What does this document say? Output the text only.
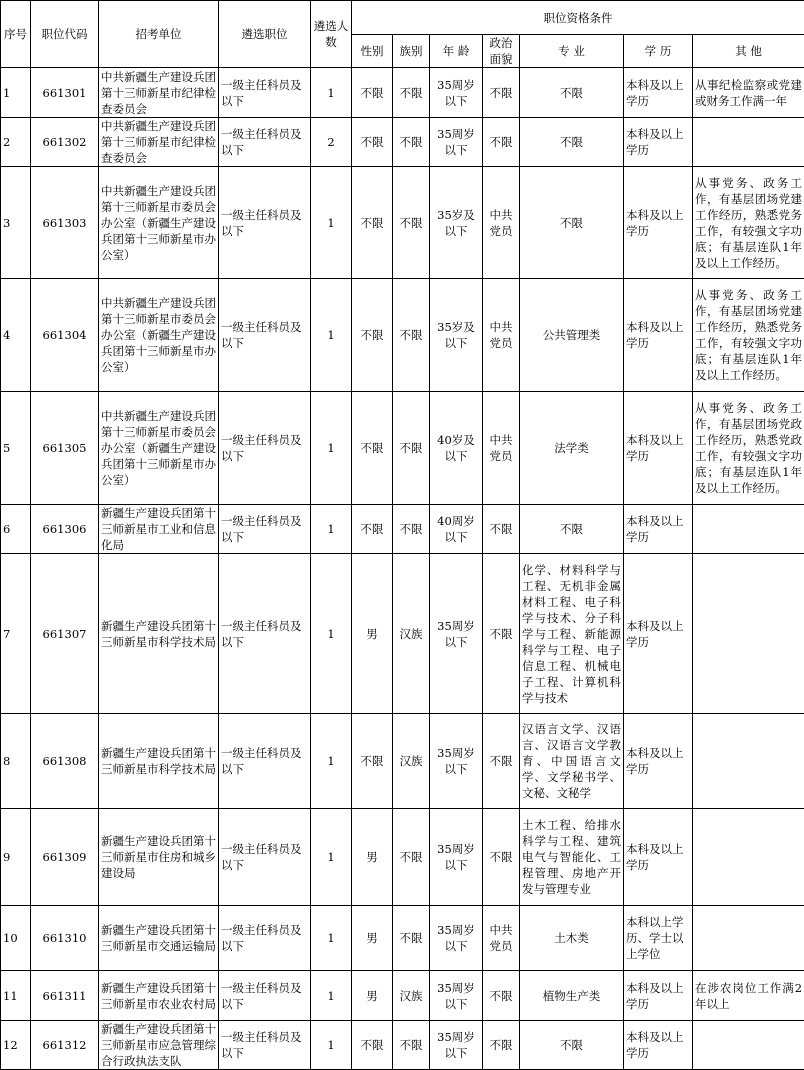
序号	职位代码	招考单位	遴选职位	遴选人数	职位资格条件						
					性别	族别	年 龄	政治面貌	专 业	学 历	其 他
1	661301	中共新疆生产建设兵团第十三师新星市纪律检查委员会	一级主任科员及以下	1	不限	不限	35周岁以下	不限	不限	本科及以上学历	从事纪检监察或党建或财务工作满一年
2	661302	中共新疆生产建设兵团第十三师新星市纪律检查委员会	一级主任科员及以下	2	不限	不限	35周岁以下	不限	不限	本科及以上学历	
3	661303	中共新疆生产建设兵团第十三师新星市委员会办公室（新疆生产建设兵团第十三师新星市办公室）	一级主任科员及以下	1	不限	不限	35岁及以下	中共党员	不限	本科及以上学历	从事党务、政务工作，有基层团场党建工作经历，熟悉党务工作，有较强文字功底；有基层连队1年及以上工作经历。
4	661304	中共新疆生产建设兵团第十三师新星市委员会办公室（新疆生产建设兵团第十三师新星市办公室）	一级主任科员及以下	1	不限	不限	35岁及以下	中共党员	公共管理类	本科及以上学历	从事党务、政务工作，有基层团场党建工作经历，熟悉党务工作，有较强文字功底；有基层连队1年及以上工作经历。
5	661305	中共新疆生产建设兵团第十三师新星市委员会办公室（新疆生产建设兵团第十三师新星市办公室）	一级主任科员及以下	1	不限	不限	40岁及以下	中共党员	法学类	本科及以上学历	从事党务、政务工作，有基层团场党政工作经历，熟悉党政工作，有较强文字功底；有基层连队1年及以上工作经历。
6	661306	新疆生产建设兵团第十三师新星市工业和信息化局	一级主任科员及以下	1	不限	不限	40周岁以下	不限	不限	本科及以上学历	
7	661307	新疆生产建设兵团第十三师新星市科学技术局	一级主任科员及以下	1	男	汉族	35周岁以下	不限	化学、材料科学与工程、无机非金属材料工程、电子科学与技术、分子科学与工程、新能源科学与工程、电子信息工程、机械电子工程、计算机科学与技术	本科及以上学历	
8	661308	新疆生产建设兵团第十三师新星市科学技术局	一级主任科员及以下	1	不限	汉族	35周岁以下	不限	汉语言文学、汉语言、汉语言文学教育、中国语言文学、文学秘书学、文秘、文秘学	本科及以上学历	
9	661309	新疆生产建设兵团第十三师新星市住房和城乡建设局	一级主任科员及以下	1	男	不限	35周岁以下	不限	土木工程、给排水科学与工程、建筑电气与智能化、工程管理、房地产开发与管理专业	本科及以上学历	
10	661310	新疆生产建设兵团第十三师新星市交通运输局	一级主任科员及以下	1	男	不限	35周岁以下	中共党员	土木类	本科以上学历、学士以上学位	
11	661311	新疆生产建设兵团第十三师新星市农业农村局	一级主任科员及以下	1	男	汉族	35周岁以下	不限	植物生产类	本科及以上学历	在涉农岗位工作满2年以上
12	661312	新疆生产建设兵团第十三师新星市应急管理综合行政执法支队	一级主任科员及以下	1	不限	不限	35周岁以下	不限	不限	本科及以上学历	
